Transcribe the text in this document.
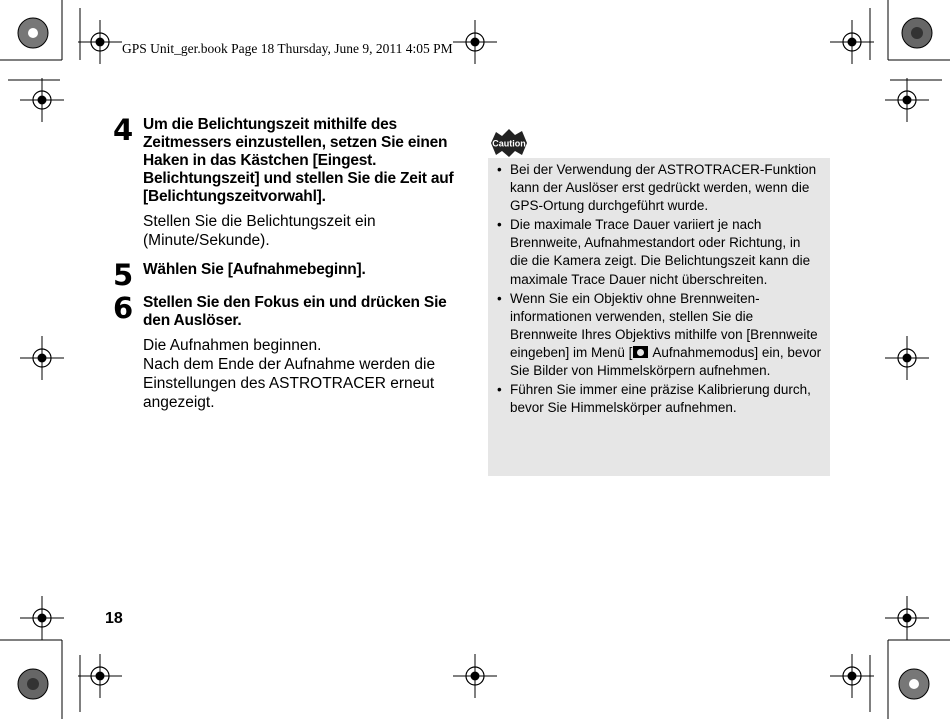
GPS Unit_ger.book Page 18 Thursday, June 9, 2011 4:05 PM
4 Um die Belichtungszeit mithilfe des Zeitmessers einzustellen, setzen Sie einen Haken in das Kästchen [Eingest. Belichtungszeit] und stellen Sie die Zeit auf [Belichtungszeitvorwahl].

Stellen Sie die Belichtungszeit ein (Minute/Sekunde).

5 Wählen Sie [Aufnahmebeginn].
6 Stellen Sie den Fokus ein und drücken Sie den Auslöser.

Die Aufnahmen beginnen.

Nach dem Ende der Aufnahme werden die Einstellungen des ASTROTRACER erneut angezeigt.

Caution
• Bei der Verwendung der ASTROTRACER-Funktion kann der Auslöser erst gedrückt werden, wenn die GPS-Ortung durchgeführt wurde.
• Die maximale Trace Dauer variiert je nach Brennweite, Aufnahmestandort oder Richtung, in die die Kamera zeigt. Die Belichtungszeit kann die maximale Trace Dauer nicht überschreiten.
• Wenn Sie ein Objektiv ohne Brennweiten-informationen verwenden, stellen Sie die Brennweite Ihres Objektivs mithilfe von [Brennweite eingeben] im Menü [ Aufnahmemodus] ein, bevor Sie Bilder von Himmelskörpern aufnehmen.
• Führen Sie immer eine präzise Kalibrierung durch, bevor Sie Himmelskörper aufnehmen.
18
